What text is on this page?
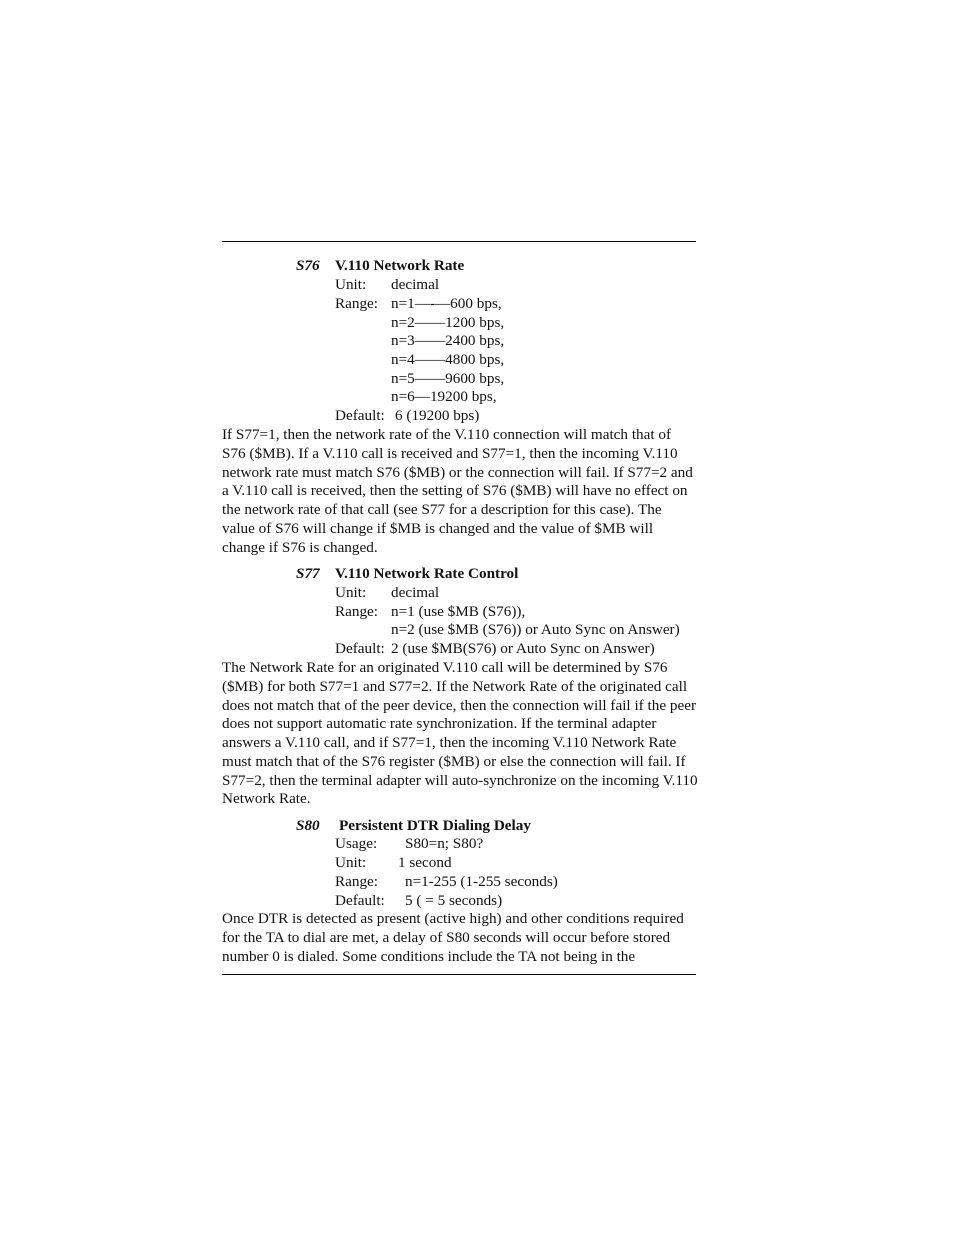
S76 V.110 Network Rate
Unit: decimal
Range: n=1—-—600 bps,
n=2——1200 bps,
n=3——2400 bps,
n=4——4800 bps,
n=5——9600 bps,
n=6—19200 bps,
Default: 6 (19200 bps)
If S77=1, then the network rate of the V.110 connection will match that of S76 ($MB). If a V.110 call is received and S77=1, then the incoming V.110 network rate must match S76 ($MB) or the connection will fail. If S77=2 and a V.110 call is received, then the setting of S76 ($MB) will have no effect on the network rate of that call (see S77 for a description for this case). The value of S76 will change if $MB is changed and the value of $MB will change if S76 is changed.
S77 V.110 Network Rate Control
Unit: decimal
Range: n=1 (use $MB (S76)),
n=2 (use $MB (S76)) or Auto Sync on Answer)
Default: 2 (use $MB(S76) or Auto Sync on Answer)
The Network Rate for an originated V.110 call will be determined by S76 ($MB) for both S77=1 and S77=2. If the Network Rate of the originated call does not match that of the peer device, then the connection will fail if the peer does not support automatic rate synchronization. If the terminal adapter answers a V.110 call, and if S77=1, then the incoming V.110 Network Rate must match that of the S76 register ($MB) or else the connection will fail. If S77=2, then the terminal adapter will auto-synchronize on the incoming V.110 Network Rate.
S80 Persistent DTR Dialing Delay
Usage: S80=n; S80?
Unit: 1 second
Range: n=1-255 (1-255 seconds)
Default: 5 ( = 5 seconds)
Once DTR is detected as present (active high) and other conditions required for the TA to dial are met, a delay of S80 seconds will occur before stored number 0 is dialed. Some conditions include the TA not being in the
